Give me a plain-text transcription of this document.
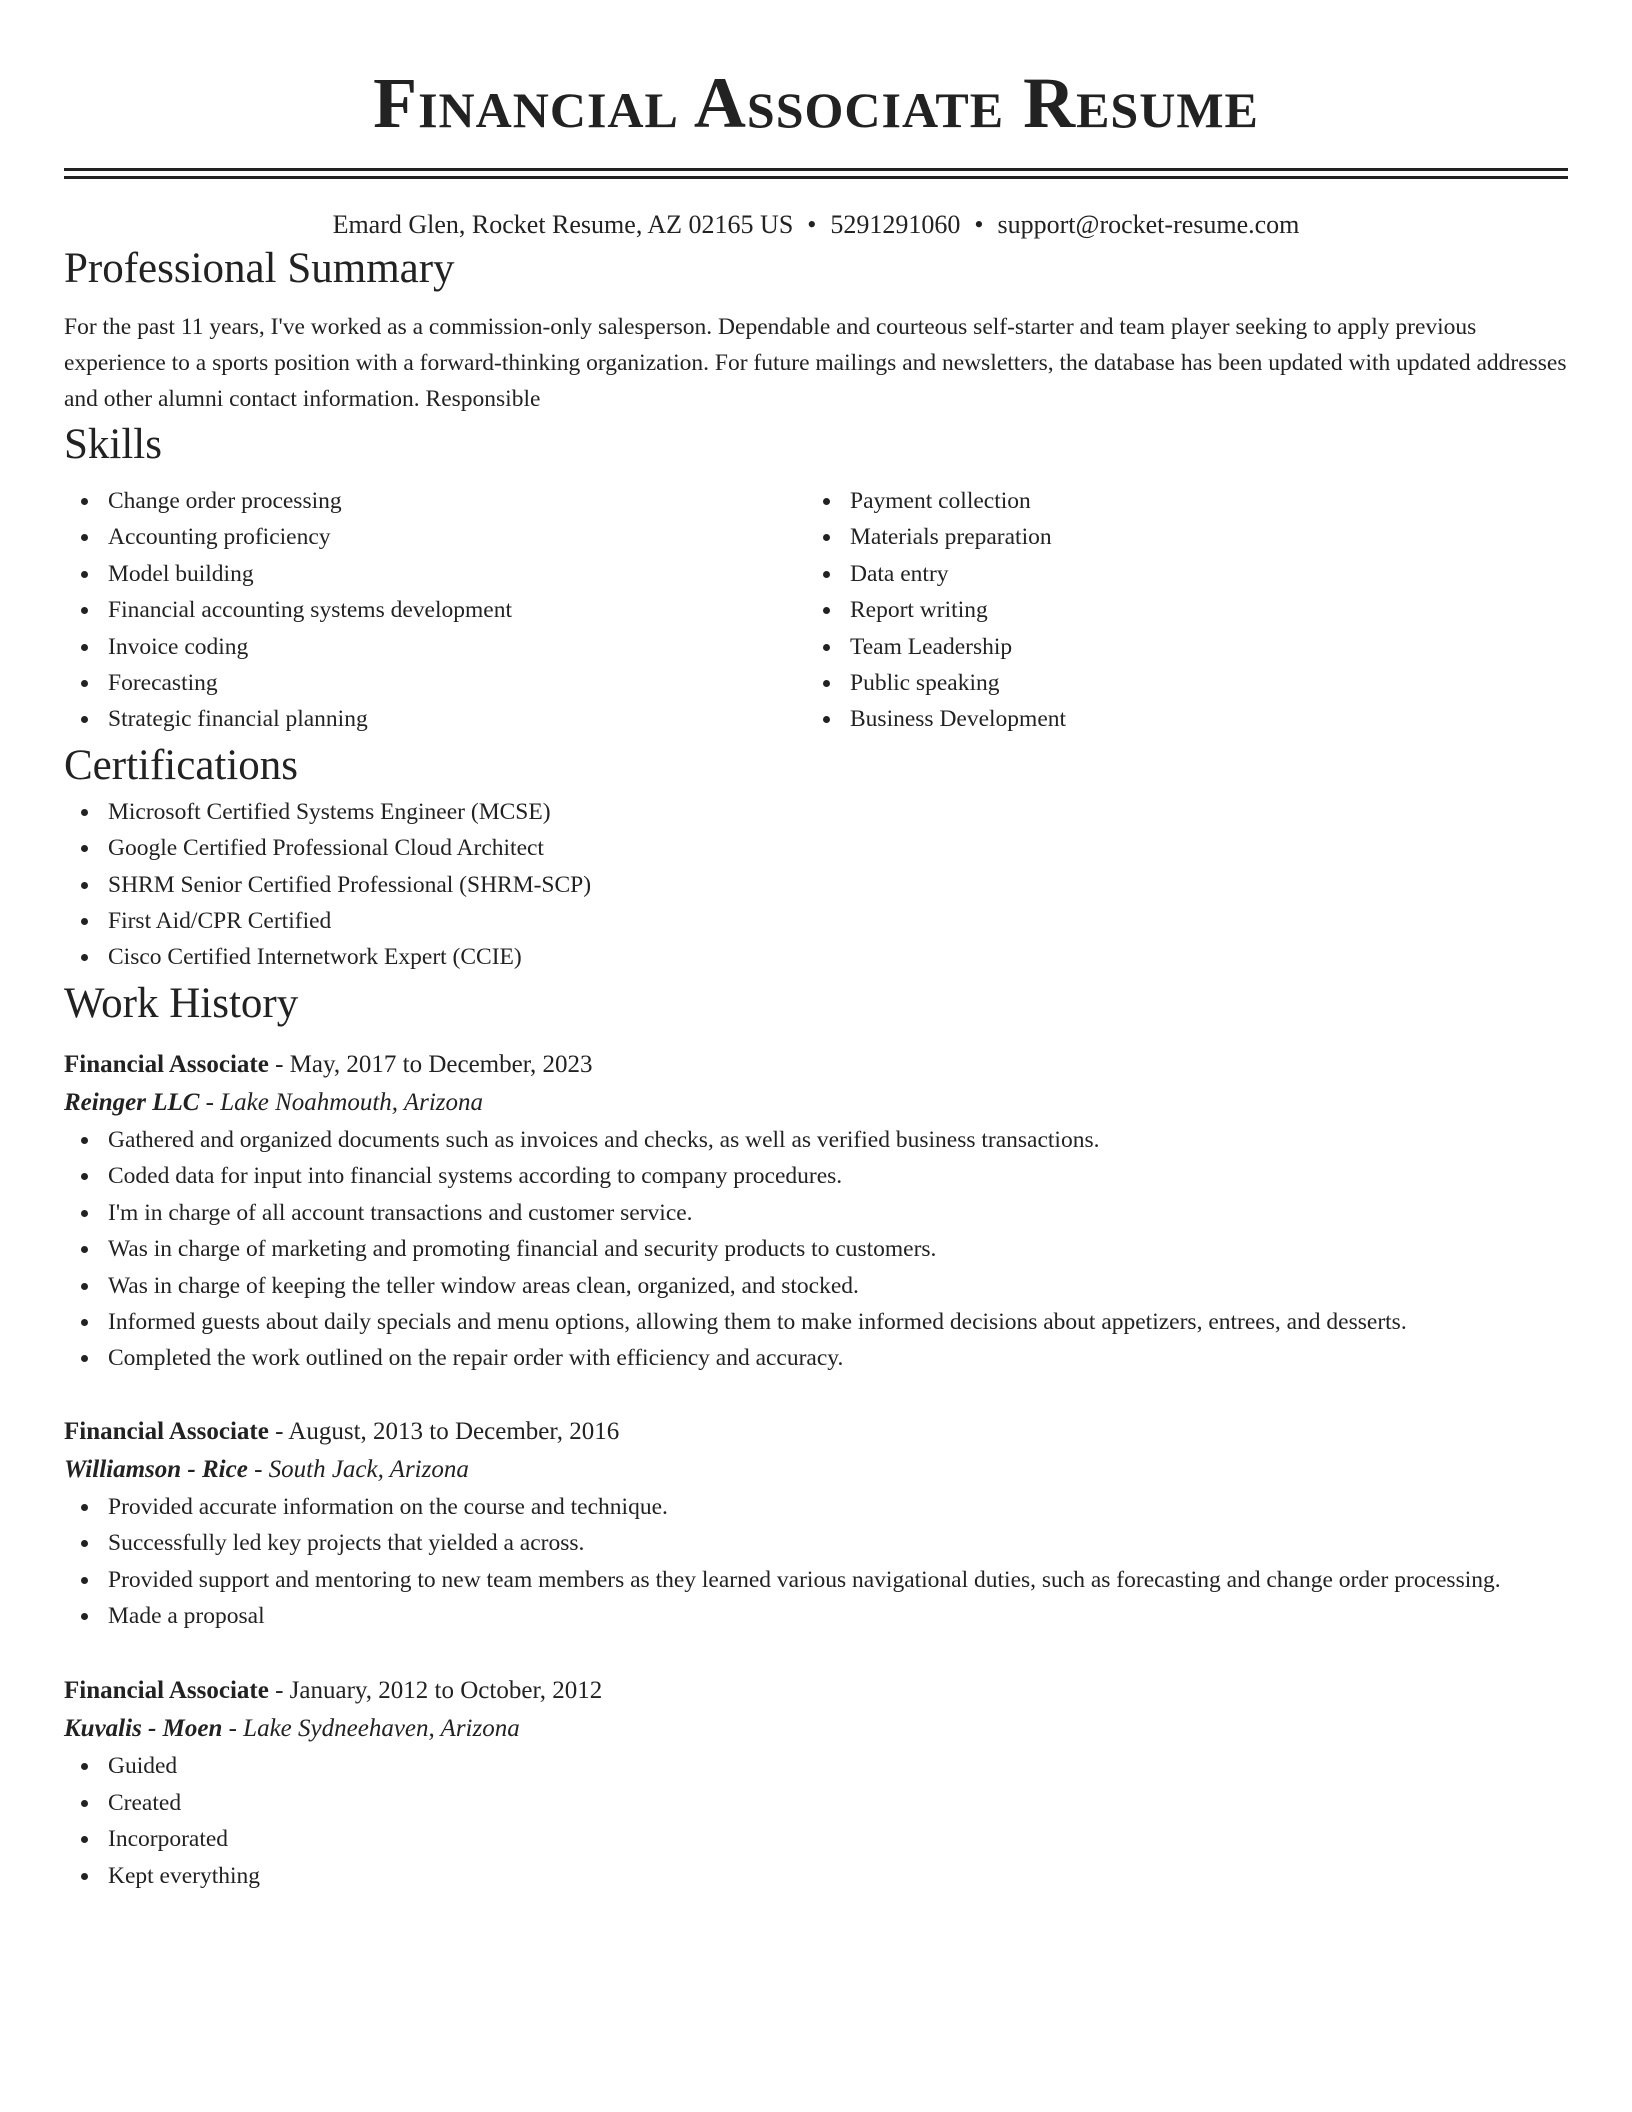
Financial Associate Resume
Emard Glen, Rocket Resume, AZ 02165 US • 5291291060 • support@rocket-resume.com
Professional Summary

For the past 11 years, I've worked as a commission-only salesperson. Dependable and courteous self-starter and team player seeking to apply previous experience to a sports position with a forward-thinking organization. For future mailings and newsletters, the database has been updated with updated addresses and other alumni contact information. Responsible

Skills
Change order processing
Accounting proficiency
Model building
Financial accounting systems development
Invoice coding
Forecasting
Strategic financial planning
Payment collection
Materials preparation
Data entry
Report writing
Team Leadership
Public speaking
Business Development
Certifications
Microsoft Certified Systems Engineer (MCSE)
Google Certified Professional Cloud Architect
SHRM Senior Certified Professional (SHRM-SCP)
First Aid/CPR Certified
Cisco Certified Internetwork Expert (CCIE)
Work History
Financial Associate - May, 2017 to December, 2023
Reinger LLC - Lake Noahmouth, Arizona
Gathered and organized documents such as invoices and checks, as well as verified business transactions.
Coded data for input into financial systems according to company procedures.
I'm in charge of all account transactions and customer service.
Was in charge of marketing and promoting financial and security products to customers.
Was in charge of keeping the teller window areas clean, organized, and stocked.
Informed guests about daily specials and menu options, allowing them to make informed decisions about appetizers, entrees, and desserts.
Completed the work outlined on the repair order with efficiency and accuracy.
Financial Associate - August, 2013 to December, 2016
Williamson - Rice - South Jack, Arizona
Provided accurate information on the course and technique.
Successfully led key projects that yielded a across.
Provided support and mentoring to new team members as they learned various navigational duties, such as forecasting and change order processing.
Made a proposal
Financial Associate - January, 2012 to October, 2012
Kuvalis - Moen - Lake Sydneehaven, Arizona
Guided
Created
Incorporated
Kept everything
